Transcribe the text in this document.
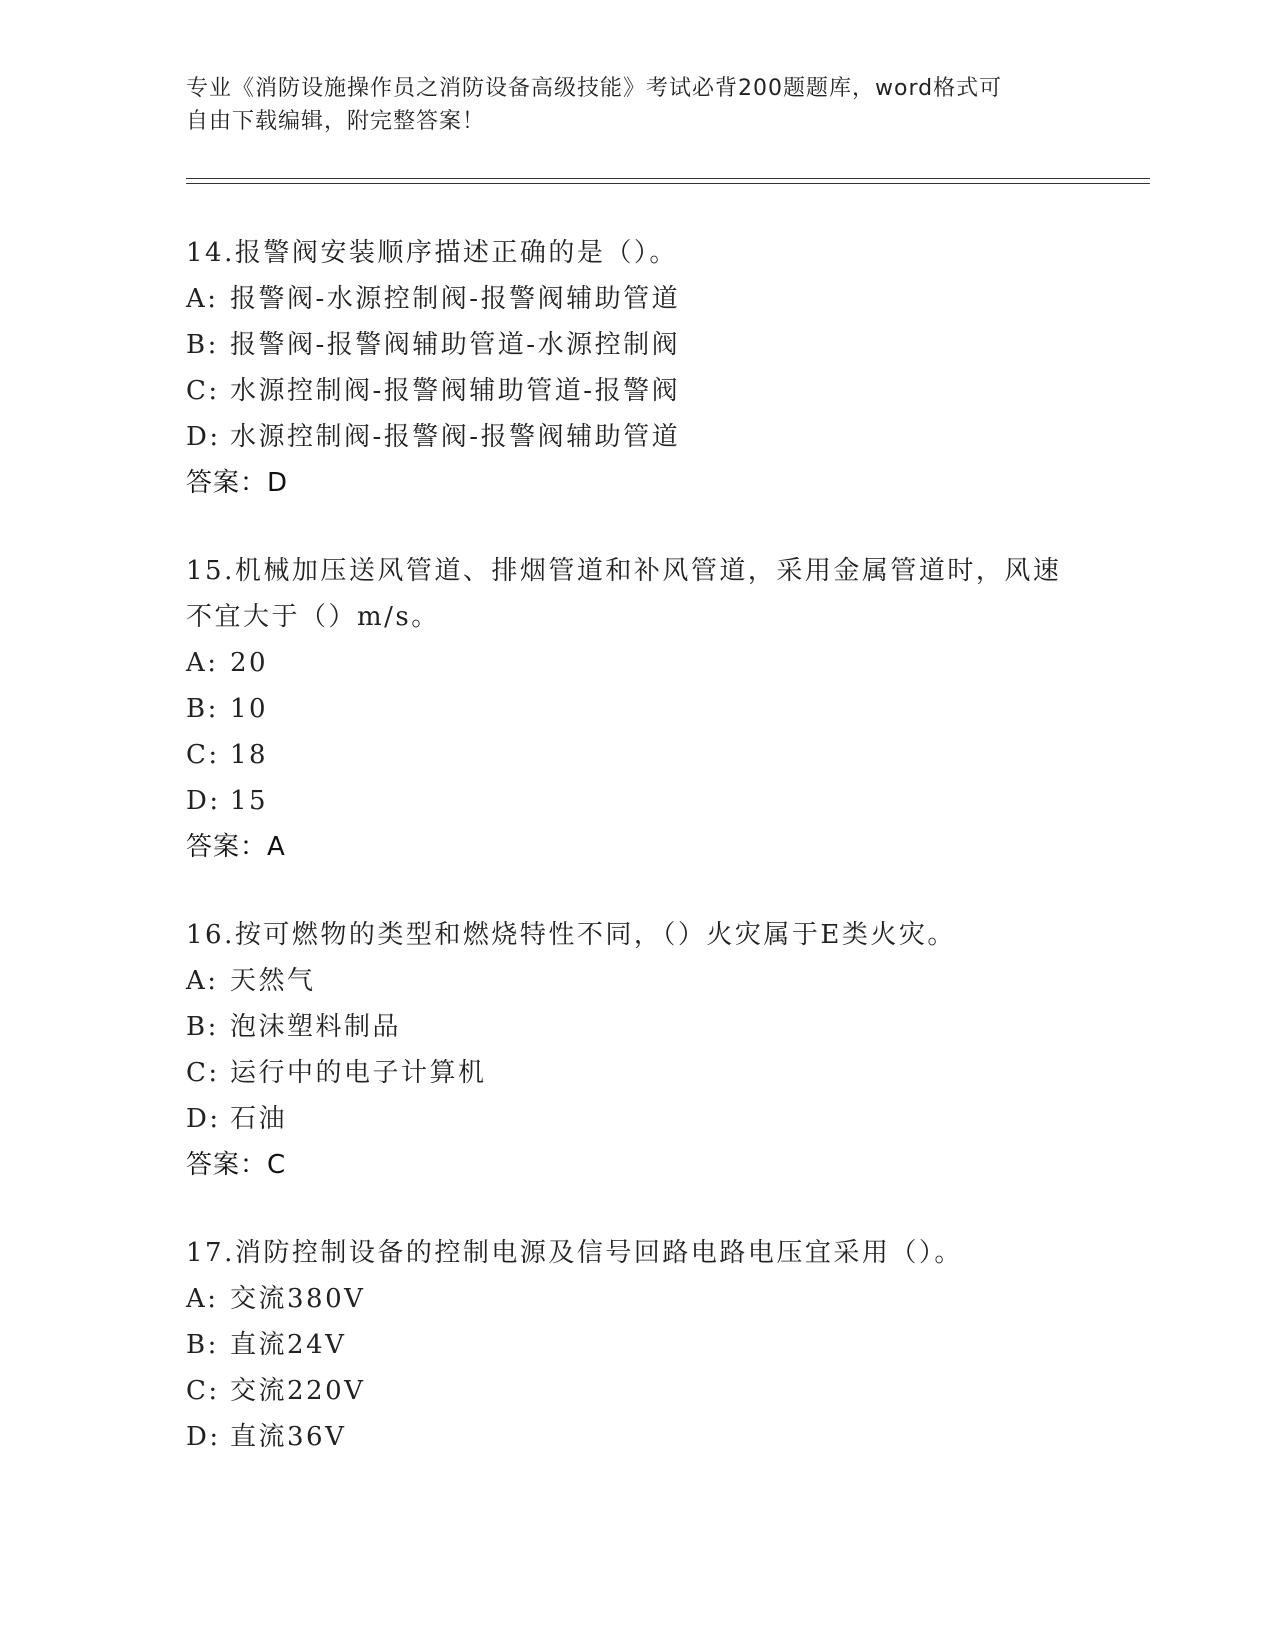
专业《消防设施操作员之消防设备高级技能》考试必背200题题库，word格式可
自由下载编辑，附完整答案！

14.报警阀安装顺序描述正确的是（）。

A: 报警阀-水源控制阀-报警阀辅助管道

B: 报警阀-报警阀辅助管道-水源控制阀

C: 水源控制阀-报警阀辅助管道-报警阀

D: 水源控制阀-报警阀-报警阀辅助管道

答案：D

15.机械加压送风管道、排烟管道和补风管道，采用金属管道时，风速

不宜大于（）m/s。

A: 20

B: 10

C: 18

D: 15

答案：A

16.按可燃物的类型和燃烧特性不同，（）火灾属于E类火灾。

A: 天然气

B: 泡沫塑料制品

C: 运行中的电子计算机

D: 石油

答案：C

17.消防控制设备的控制电源及信号回路电路电压宜采用（）。

A: 交流380V

B: 直流24V

C: 交流220V

D: 直流36V
